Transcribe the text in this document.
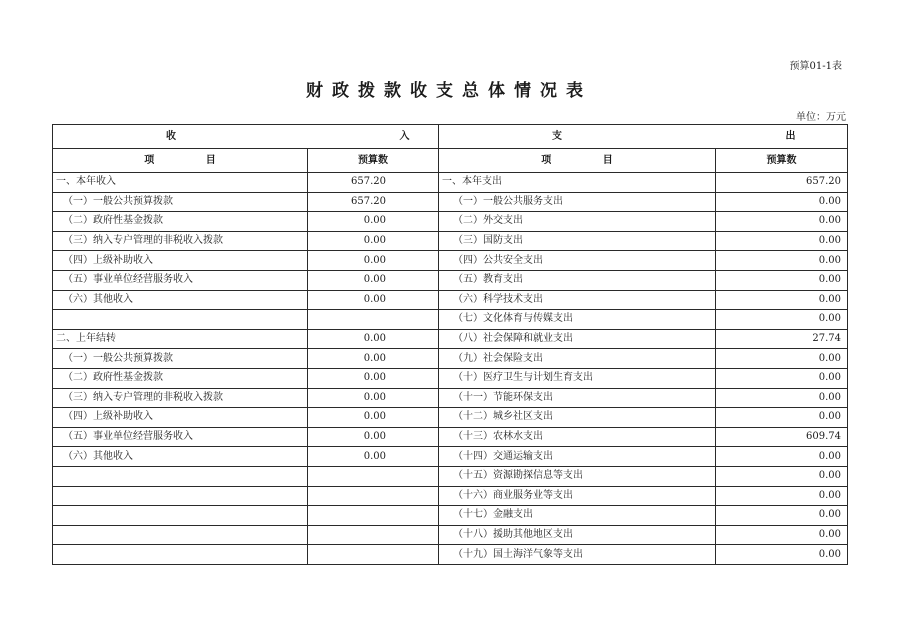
预算01-1表
财政拨款收支总体情况表
单位：万元
收 入		支 出	
项 目	预算数	项 目	预算数
一、本年收入	657.20	一、本年支出	657.20
（一）一般公共预算拨款	657.20	（一）一般公共服务支出	0.00
（二）政府性基金拨款	0.00	（二）外交支出	0.00
（三）纳入专户管理的非税收入拨款	0.00	（三）国防支出	0.00
（四）上级补助收入	0.00	（四）公共安全支出	0.00
（五）事业单位经营服务收入	0.00	（五）教育支出	0.00
（六）其他收入	0.00	（六）科学技术支出	0.00
		（七）文化体育与传媒支出	0.00
二、上年结转	0.00	（八）社会保障和就业支出	27.74
（一）一般公共预算拨款	0.00	（九）社会保险支出	0.00
（二）政府性基金拨款	0.00	（十）医疗卫生与计划生育支出	0.00
（三）纳入专户管理的非税收入拨款	0.00	（十一）节能环保支出	0.00
（四）上级补助收入	0.00	（十二）城乡社区支出	0.00
（五）事业单位经营服务收入	0.00	（十三）农林水支出	609.74
（六）其他收入	0.00	（十四）交通运输支出	0.00
		（十五）资源勘探信息等支出	0.00
		（十六）商业服务业等支出	0.00
		（十七）金融支出	0.00
		（十八）援助其他地区支出	0.00
		（十九）国土海洋气象等支出	0.00
